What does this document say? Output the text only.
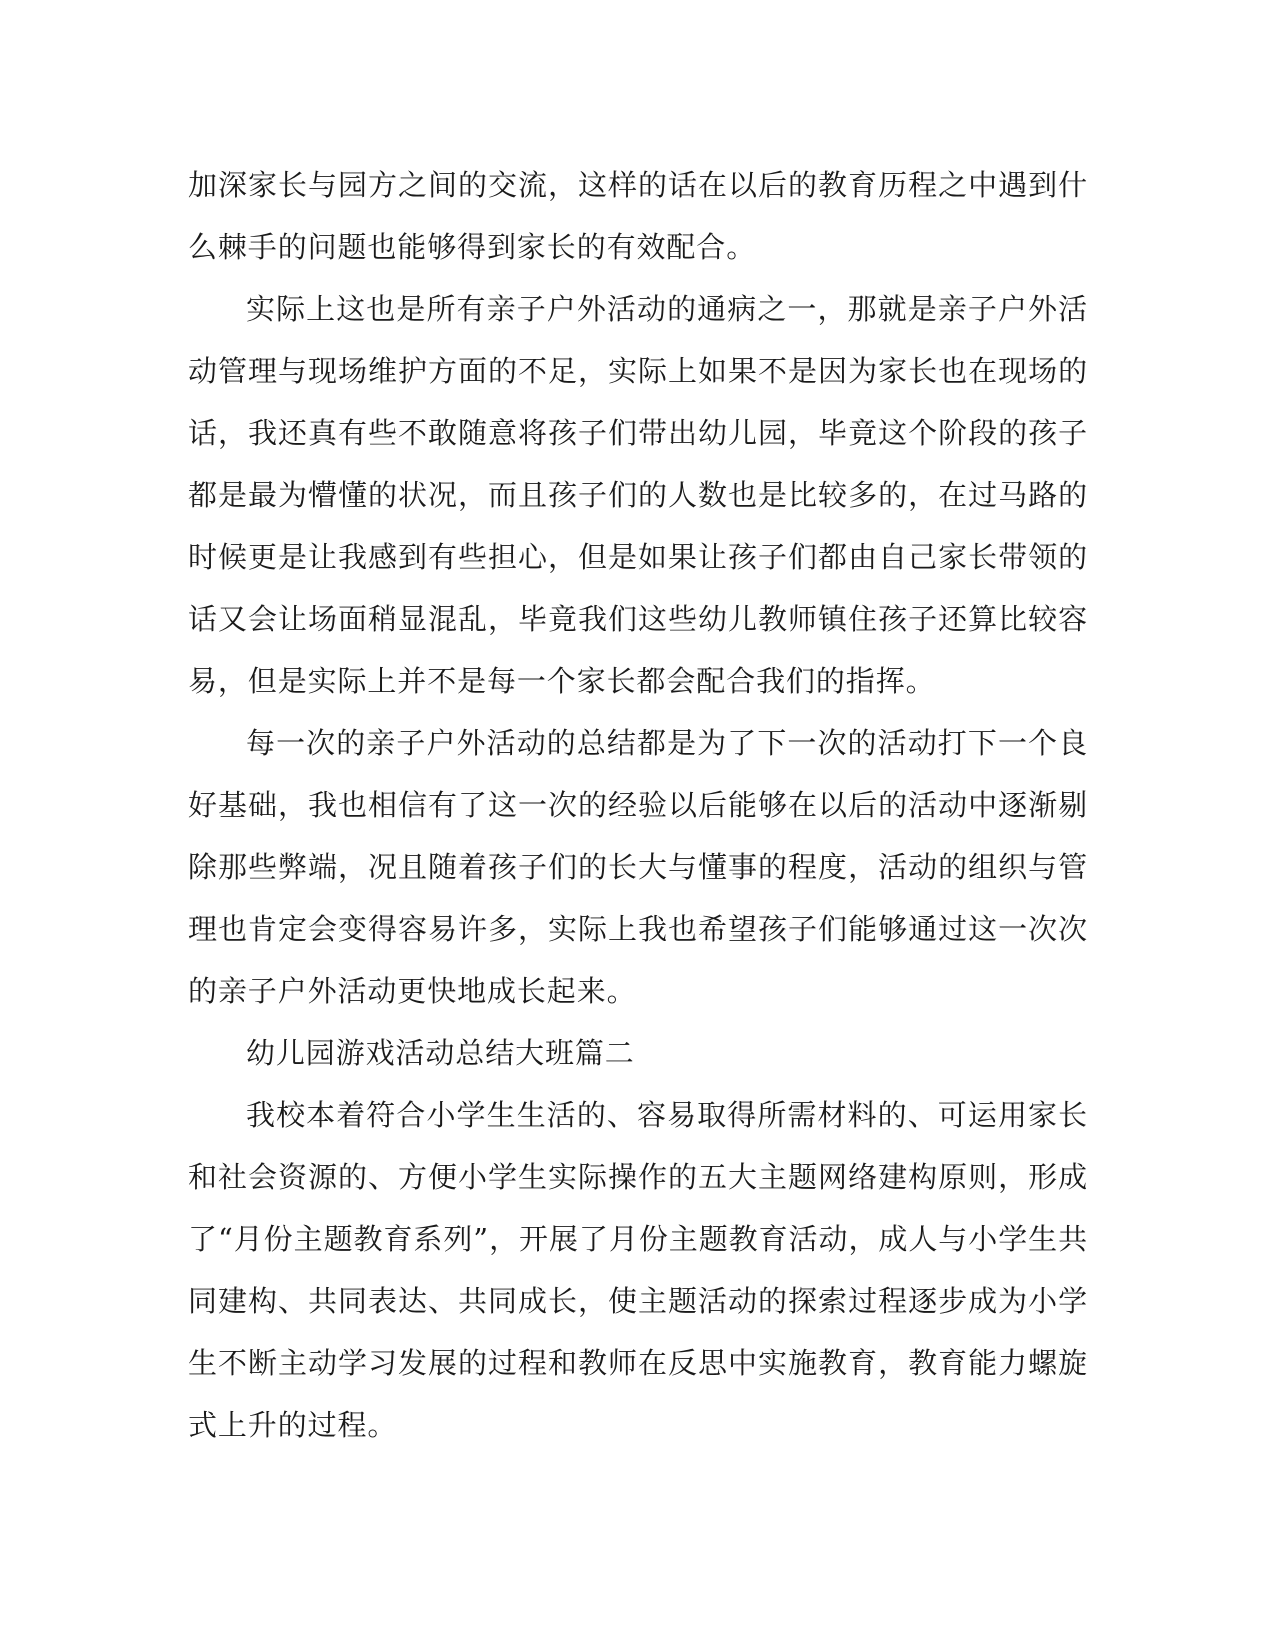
加深家长与园方之间的交流，这样的话在以后的教育历程之中遇到什么棘手的问题也能够得到家长的有效配合。

实际上这也是所有亲子户外活动的通病之一，那就是亲子户外活动管理与现场维护方面的不足，实际上如果不是因为家长也在现场的话，我还真有些不敢随意将孩子们带出幼儿园，毕竟这个阶段的孩子都是最为懵懂的状况，而且孩子们的人数也是比较多的，在过马路的时候更是让我感到有些担心，但是如果让孩子们都由自己家长带领的话又会让场面稍显混乱，毕竟我们这些幼儿教师镇住孩子还算比较容易，但是实际上并不是每一个家长都会配合我们的指挥。

每一次的亲子户外活动的总结都是为了下一次的活动打下一个良好基础，我也相信有了这一次的经验以后能够在以后的活动中逐渐剔除那些弊端，况且随着孩子们的长大与懂事的程度，活动的组织与管理也肯定会变得容易许多，实际上我也希望孩子们能够通过这一次次的亲子户外活动更快地成长起来。

幼儿园游戏活动总结大班篇二

我校本着符合小学生生活的、容易取得所需材料的、可运用家长和社会资源的、方便小学生实际操作的五大主题网络建构原则，形成了“月份主题教育系列”，开展了月份主题教育活动，成人与小学生共同建构、共同表达、共同成长，使主题活动的探索过程逐步成为小学生不断主动学习发展的过程和教师在反思中实施教育，教育能力螺旋式上升的过程。
